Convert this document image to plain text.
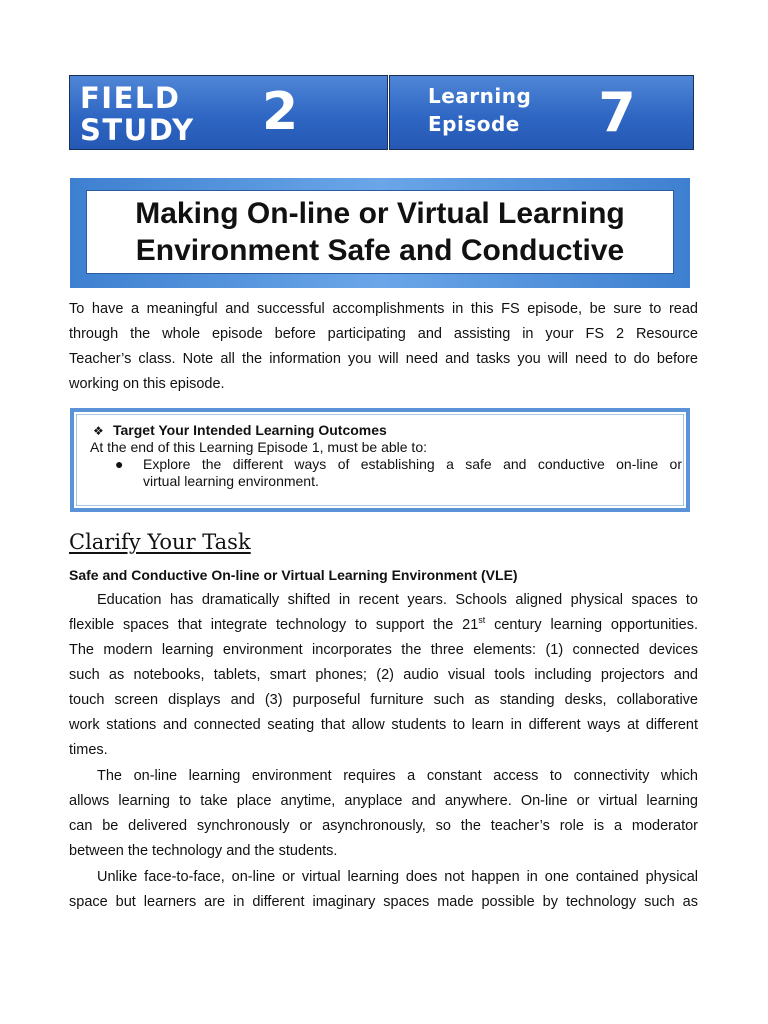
FIELD
STUDY 2	Learning
Episode	7
Making On-line or Virtual Learning
Environment Safe and Conductive
To have a meaningful and successful accomplishments in this FS episode, be sure to read
through the whole episode before participating and assisting in your FS 2 Resource
Teacher’s class. Note all the information you will need and tasks you will need to do before
working on this episode.
❖ Target Your Intended Learning Outcomes
At the end of this Learning Episode 1, must be able to:
● Explore the different ways of establishing a safe and conductive on-line or
virtual learning environment.
Clarify Your Task
Safe and Conductive On-line or Virtual Learning Environment (VLE)
Education has dramatically shifted in recent years. Schools aligned physical spaces to
flexible spaces that integrate technology to support the 21st century learning opportunities.
The modern learning environment incorporates the three elements: (1) connected devices
such as notebooks, tablets, smart phones; (2) audio visual tools including projectors and
touch screen displays and (3) purposeful furniture such as standing desks, collaborative
work stations and connected seating that allow students to learn in different ways at different
times.
The on-line learning environment requires a constant access to connectivity which
allows learning to take place anytime, anyplace and anywhere. On-line or virtual learning
can be delivered synchronously or asynchronously, so the teacher’s role is a moderator
between the technology and the students.
Unlike face-to-face, on-line or virtual learning does not happen in one contained physical
space but learners are in different imaginary spaces made possible by technology such as
